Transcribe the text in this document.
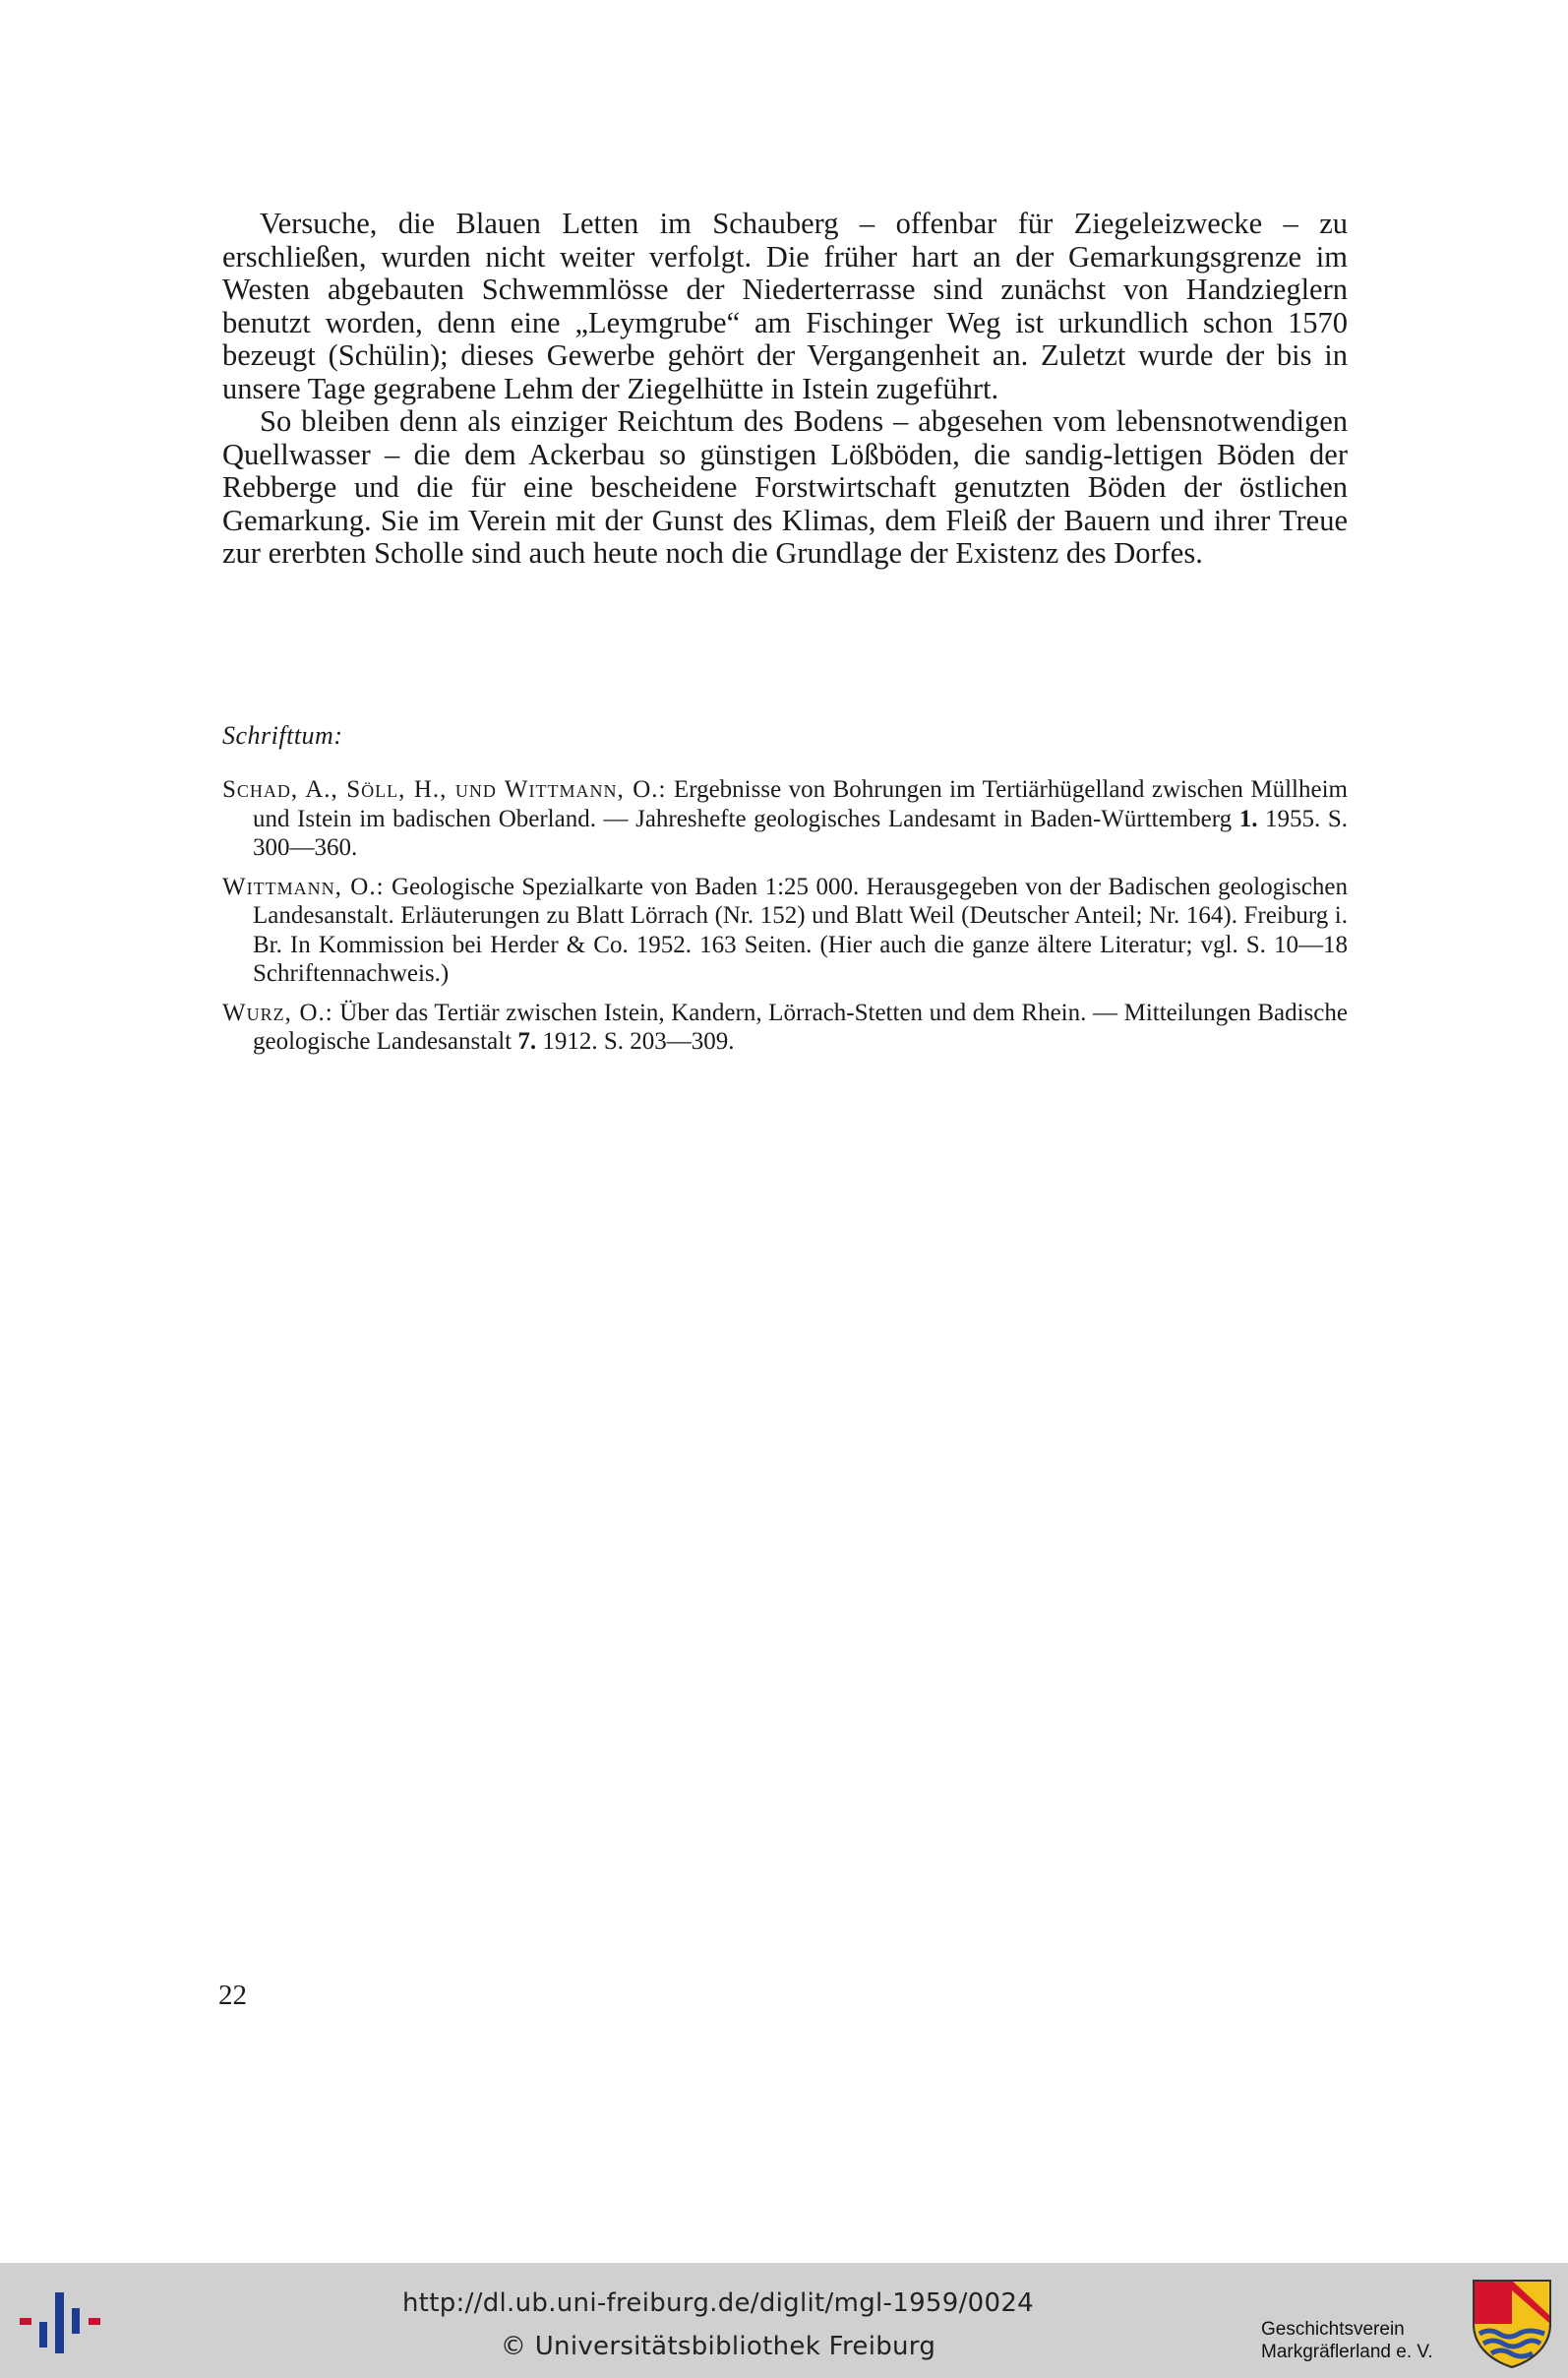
Versuche, die Blauen Letten im Schauberg – offenbar für Ziegeleizwecke – zu erschließen, wurden nicht weiter verfolgt. Die früher hart an der Gemarkungsgrenze im Westen abgebauten Schwemmlösse der Niederterrasse sind zunächst von Handzieglern benutzt worden, denn eine „Leymgrube“ am Fischinger Weg ist urkundlich schon 1570 bezeugt (Schülin); dieses Gewerbe gehört der Vergangenheit an. Zuletzt wurde der bis in unsere Tage gegrabene Lehm der Ziegelhütte in Istein zugeführt.

So bleiben denn als einziger Reichtum des Bodens – abgesehen vom lebensnotwendigen Quellwasser – die dem Ackerbau so günstigen Lößböden, die sandig-lettigen Böden der Rebberge und die für eine bescheidene Forstwirtschaft genutzten Böden der östlichen Gemarkung. Sie im Verein mit der Gunst des Klimas, dem Fleiß der Bauern und ihrer Treue zur ererbten Scholle sind auch heute noch die Grundlage der Existenz des Dorfes.

Schrifttum:
Schad, A., Söll, H., und Wittmann, O.: Ergebnisse von Bohrungen im Tertiärhügelland zwischen Müllheim und Istein im badischen Oberland. — Jahreshefte geologisches Landesamt in Baden-Württemberg 1. 1955. S. 300—360.
Wittmann, O.: Geologische Spezialkarte von Baden 1:25 000. Herausgegeben von der Badischen geologischen Landesanstalt. Erläuterungen zu Blatt Lörrach (Nr. 152) und Blatt Weil (Deutscher Anteil; Nr. 164). Freiburg i. Br. In Kommission bei Herder & Co. 1952. 163 Seiten. (Hier auch die ganze ältere Literatur; vgl. S. 10—18 Schriftennachweis.)
Wurz, O.: Über das Tertiär zwischen Istein, Kandern, Lörrach-Stetten und dem Rhein. — Mitteilungen Badische geologische Landesanstalt 7. 1912. S. 203—309.
22
http://dl.ub.uni-freiburg.de/diglit/mgl-1959/0024
© Universitätsbibliothek Freiburg
Geschichtsverein
Markgräflerland e. V.
